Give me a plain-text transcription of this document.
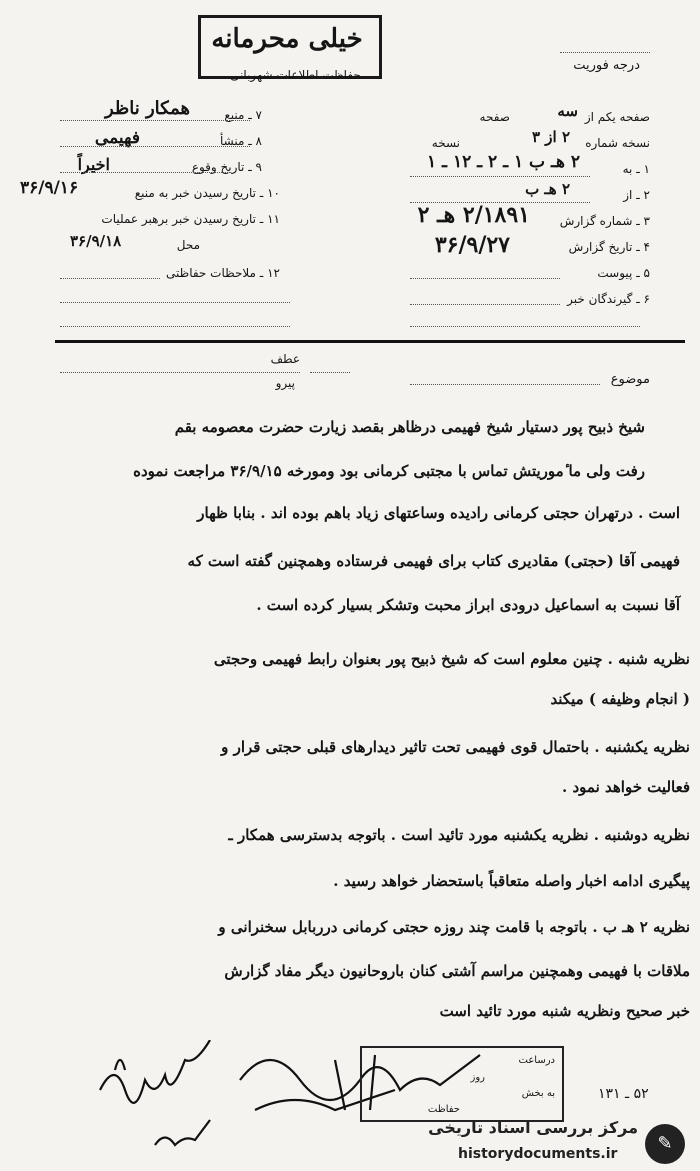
خیلی محرمانه
حفاظت اطلاعات شهربانی
درجه فوریت
۷ ـ منبع
همکار ناظر
۸ ـ منشأ
فهیمی
۹ ـ تاریخ وقوع
اخیراً
۱۰ ـ تاریخ رسیدن خبر به منبع
۳۶/۹/۱۶
۱۱ ـ تاریخ رسیدن خبر برهبر عملیات
محل
۳۶/۹/۱۸
۱۲ ـ ملاحظات حفاظتی
صفحه یکم از
سه
صفحه
نسخه شماره
۲ از ۳
نسخه
۱ ـ به
۲ هـ ب ۱ ـ ۲ ـ ۱۲ ـ ۱
۲ ـ از
۲ هـ ب
۳ ـ شماره گزارش
۲/۱۸۹۱ هـ ۲
۴ ـ تاریخ گزارش
۳۶/۹/۲۷
۵ ـ پیوست
۶ ـ گیرندگان خبر
عطف
پیرو	موضوع
شیخ ذبیح پور دستیار شیخ فهیمی درظاهر بقصد زیارت حضرت معصومه بقم
رفت ولی ما ٔموریتش تماس با مجتبی کرمانی بود ومورخه ۳۶/۹/۱۵ مراجعت نموده
است . درتهران حجتی کرمانی رادیده وساعتهای زیاد باهم بوده اند . بنابا ظهار
فهیمی آقا (حجتی) مقادیری کتاب برای فهیمی فرستاده وهمچنین گفته است که
آقا نسبت به اسماعیل درودی ابراز محبت وتشکر بسیار کرده است .
نظریه شنبه . چنین معلوم است که شیخ ذبیح پور بعنوان رابط فهیمی وحجتی
( انجام وظیفه ) میکند
نظریه یکشنبه . باحتمال قوی فهیمی تحت تاثیر دیدارهای قبلی حجتی قرار و
فعالیت خواهد نمود .
نظریه دوشنبه . نظریه یکشنبه مورد تائید است . باتوجه بدسترسی همکار ـ
پیگیری ادامه اخبار واصله متعاقباً باستحضار خواهد رسید .
نظریه ۲ هـ ب . باتوجه با قامت چند روزه حجتی کرمانی درربابل سخنرانی و
ملاقات با فهیمی وهمچنین مراسم آشتی کنان باروحانیون دیگر مفاد گزارش
خبر صحیح ونظریه شنبه مورد تائید است
درساعت
روز
به بخش
حفاظت
۵۲ ـ ۱۳۱
✎
مرکز بررسی اسناد تاریخی
historydocuments.ir
